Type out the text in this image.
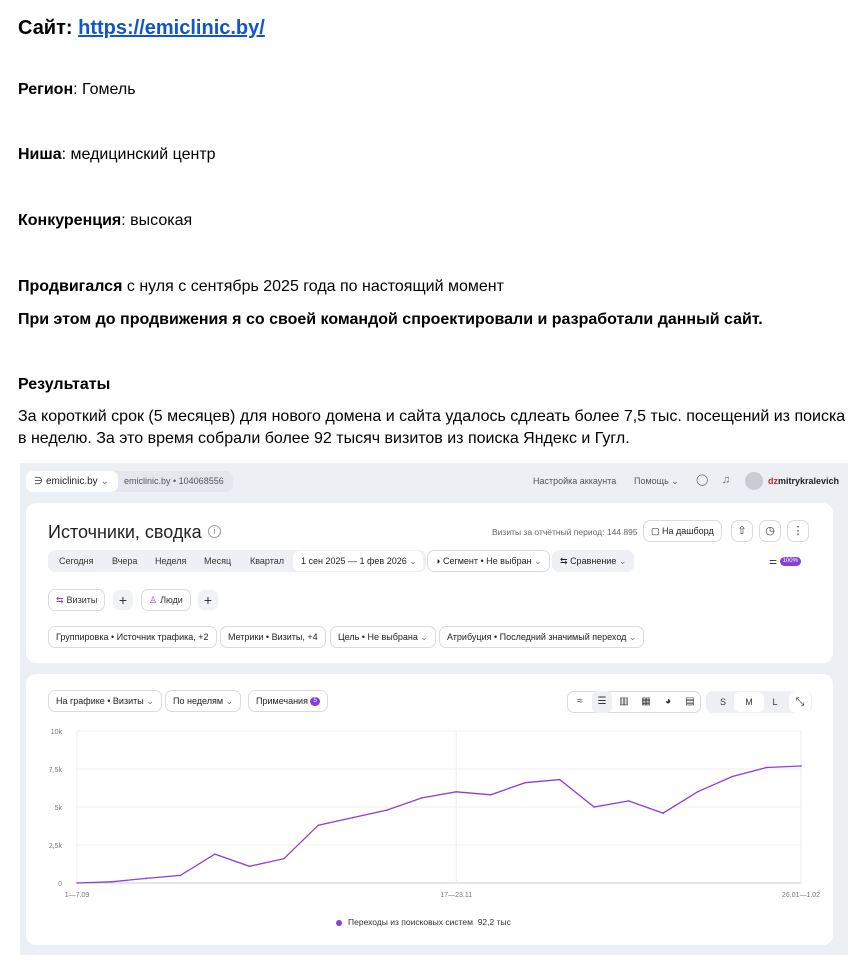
Сайт: https://emiclinic.by/
Регион: Гомель
Ниша: медицинский центр
Конкуренция: высокая
Продвигался с нуля с сентябрь 2025 года по настоящий момент
При этом до продвижения я со своей командой спроектировали и разработали данный сайт.
Результаты
За короткий срок (5 месяцев) для нового домена и сайта удалось сдлеать более 7,5 тыс. посещений из поиска в неделю. За это время собрали более 92 тысяч визитов из поиска Яндекс и Гугл.
∋ emiclinic.by ⌄	emiclinic.by • 104068556	Настройка аккаунта Помощь ⌄ ◯ ♫	dzmitrykralevich
Источники, сводка	i	Визиты за отчётный период: 144 895	▢ На дашборд	⇧	◷	⋮
Сегодня Вчера Неделя Месяц Квартал	1 сен 2025 — 1 фев 2026 ⌄	◑ Сегмент • Не выбран ⌄	⇆ Сравнение ⌄	⚌ 100%
⇆ Визиты	+	♙ Люди	+
Группировка • Источник трафика, +2	Метрики • Визиты, +4	Цель • Не выбрана ⌄	Атрибуция • Последний значимый переход ⌄
На графике • Визиты ⌄	По неделям ⌄	Примечания 5	≈	☰	▥	▦	◕	▤	S	M	L	⤡
0
2,5k
5k
7,5k
10k
1—7.09	17—23.11	26.01—1.02
Переходы из поисковых систем 92,2 тыс
